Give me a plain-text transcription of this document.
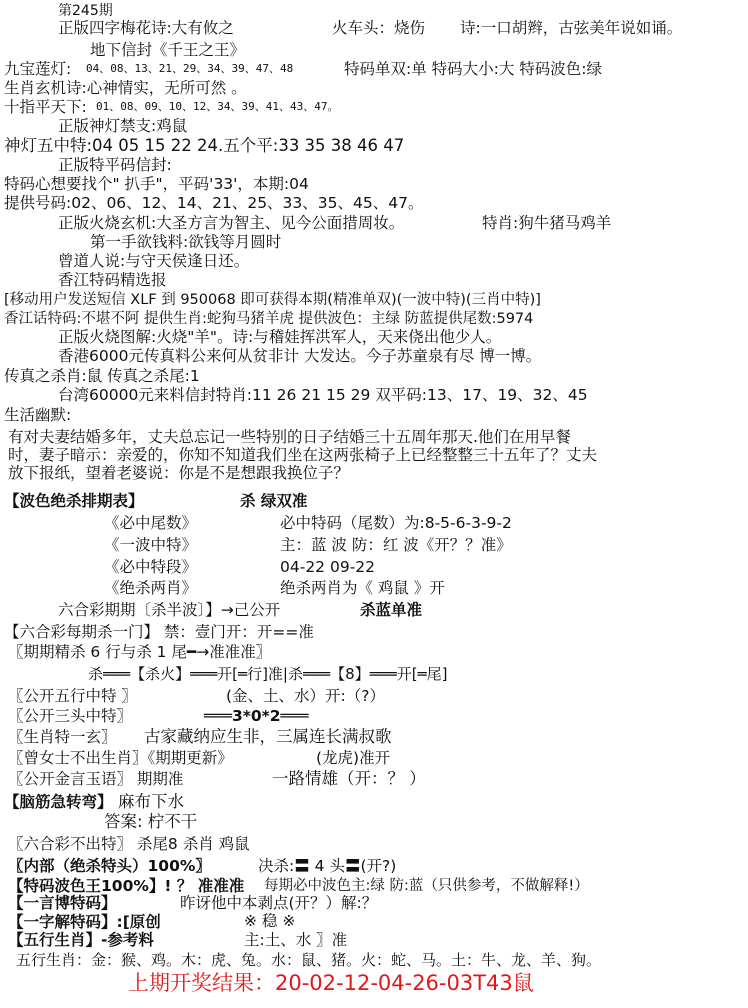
第245期
正版四字梅花诗:大有攸之	火车头：烧伤 诗:一口胡辫，古弦美年说如诵。
地下信封《千王之王》
九宝莲灯: 04、08、13、21、29、34、39、47、48	特码单双:单 特码大小:大 特码波色:绿
生肖玄机诗:心神情实，无所可然 。
十指平天下: 01、08、09、10、12、34、39、41、43、47。
正版神灯禁支:鸡鼠
神灯五中特:04 05 15 22 24.五个平:33 35 38 46 47
正版特平码信封:
特码心想要找个" 扒手"，平码'33'，本期:04
提供号码:02、06、12、14、21、25、33、35、45、47。
正版火烧玄机:大圣方言为智主、见今公面措周妆。	特肖:狗牛猪马鸡羊
第一手欲钱料:欲钱等月圆时
曾道人说:与守天侯逢日还。
香江特码精选报
[移动用户发送短信 XLF 到 950068 即可获得本期(精准单双)(一波中特)(三肖中特)]
香江话特码:不堪不阿 提供生肖:蛇狗马猪羊虎 提供波色：主绿 防蓝提供尾数:5974
正版火烧图解:火烧"羊"。诗:与稽娃挥洪军人，天来侥出他少人。
香港6000元传真料公来何从贫非计 大发达。今子苏童泉有尽 博一博。
传真之杀肖:鼠 传真之杀尾:1
台湾60000元来料信封特肖:11 26 21 15 29 双平码:13、17、19、32、45
生活幽默:
有对夫妻结婚多年，丈夫总忘记一些特别的日子结婚三十五周年那天.他们在用早餐
时，妻子暗示：亲爱的，你知不知道我们坐在这两张椅子上已经整整三十五年了？丈夫
放下报纸，望着老婆说：你是不是想跟我换位子？
【波色绝杀排期表】	杀 绿双准
《必中尾数》	必中特码（尾数）为:8-5-6-3-9-2
《一波中特》	主：蓝 波 防：红 波《开？？准》
《必中特段》	04-22 09-22
《绝杀两肖》	绝杀两肖为《 鸡鼠 》开
六合彩期期〔杀半波〕】→己公开	杀蓝单准
【六合彩每期杀一门】 禁：壹门开：开==准
〖期期精杀 6 行与杀 1 尾━→准准准〗
杀═══【杀火】═══开[═行]准|杀═══【8】═══开[═尾]
〖公开五行中特 〗	(金、土、水）开:（?）
〖公开三头中特〗	═══3*0*2═══
〖生肖特一玄〗 古家藏纳应生非，三属连长满叔歌
〖曾女士不出生肖〗《期期更新》	(龙虎)准开
〖公开金言玉语〗 期期准	一路情雄（开：？ ）
【脑筋急转弯】 麻布下水
答案: 柠不干
〖六合彩不出特〗 杀尾8 杀肖 鸡鼠
〖内部（绝杀特头）100%〗	决杀:〓 4 头〓(开?)
【特码波色王100%】! ？ 准准准 每期必中波色主:绿 防:蓝（只供参考，不做解释!）
【一言博特码】	昨讶他中本剥点(开？）解:？
【一字解特码】:[原创	※ 稳 ※
【五行生肖】-参考料	主:土、水 〗准
五行生肖：金：猴、鸡。木：虎、兔。水：鼠、猪。火：蛇、马。土：牛、龙、羊、狗。
上期开奖结果：20-02-12-04-26-03T43鼠
